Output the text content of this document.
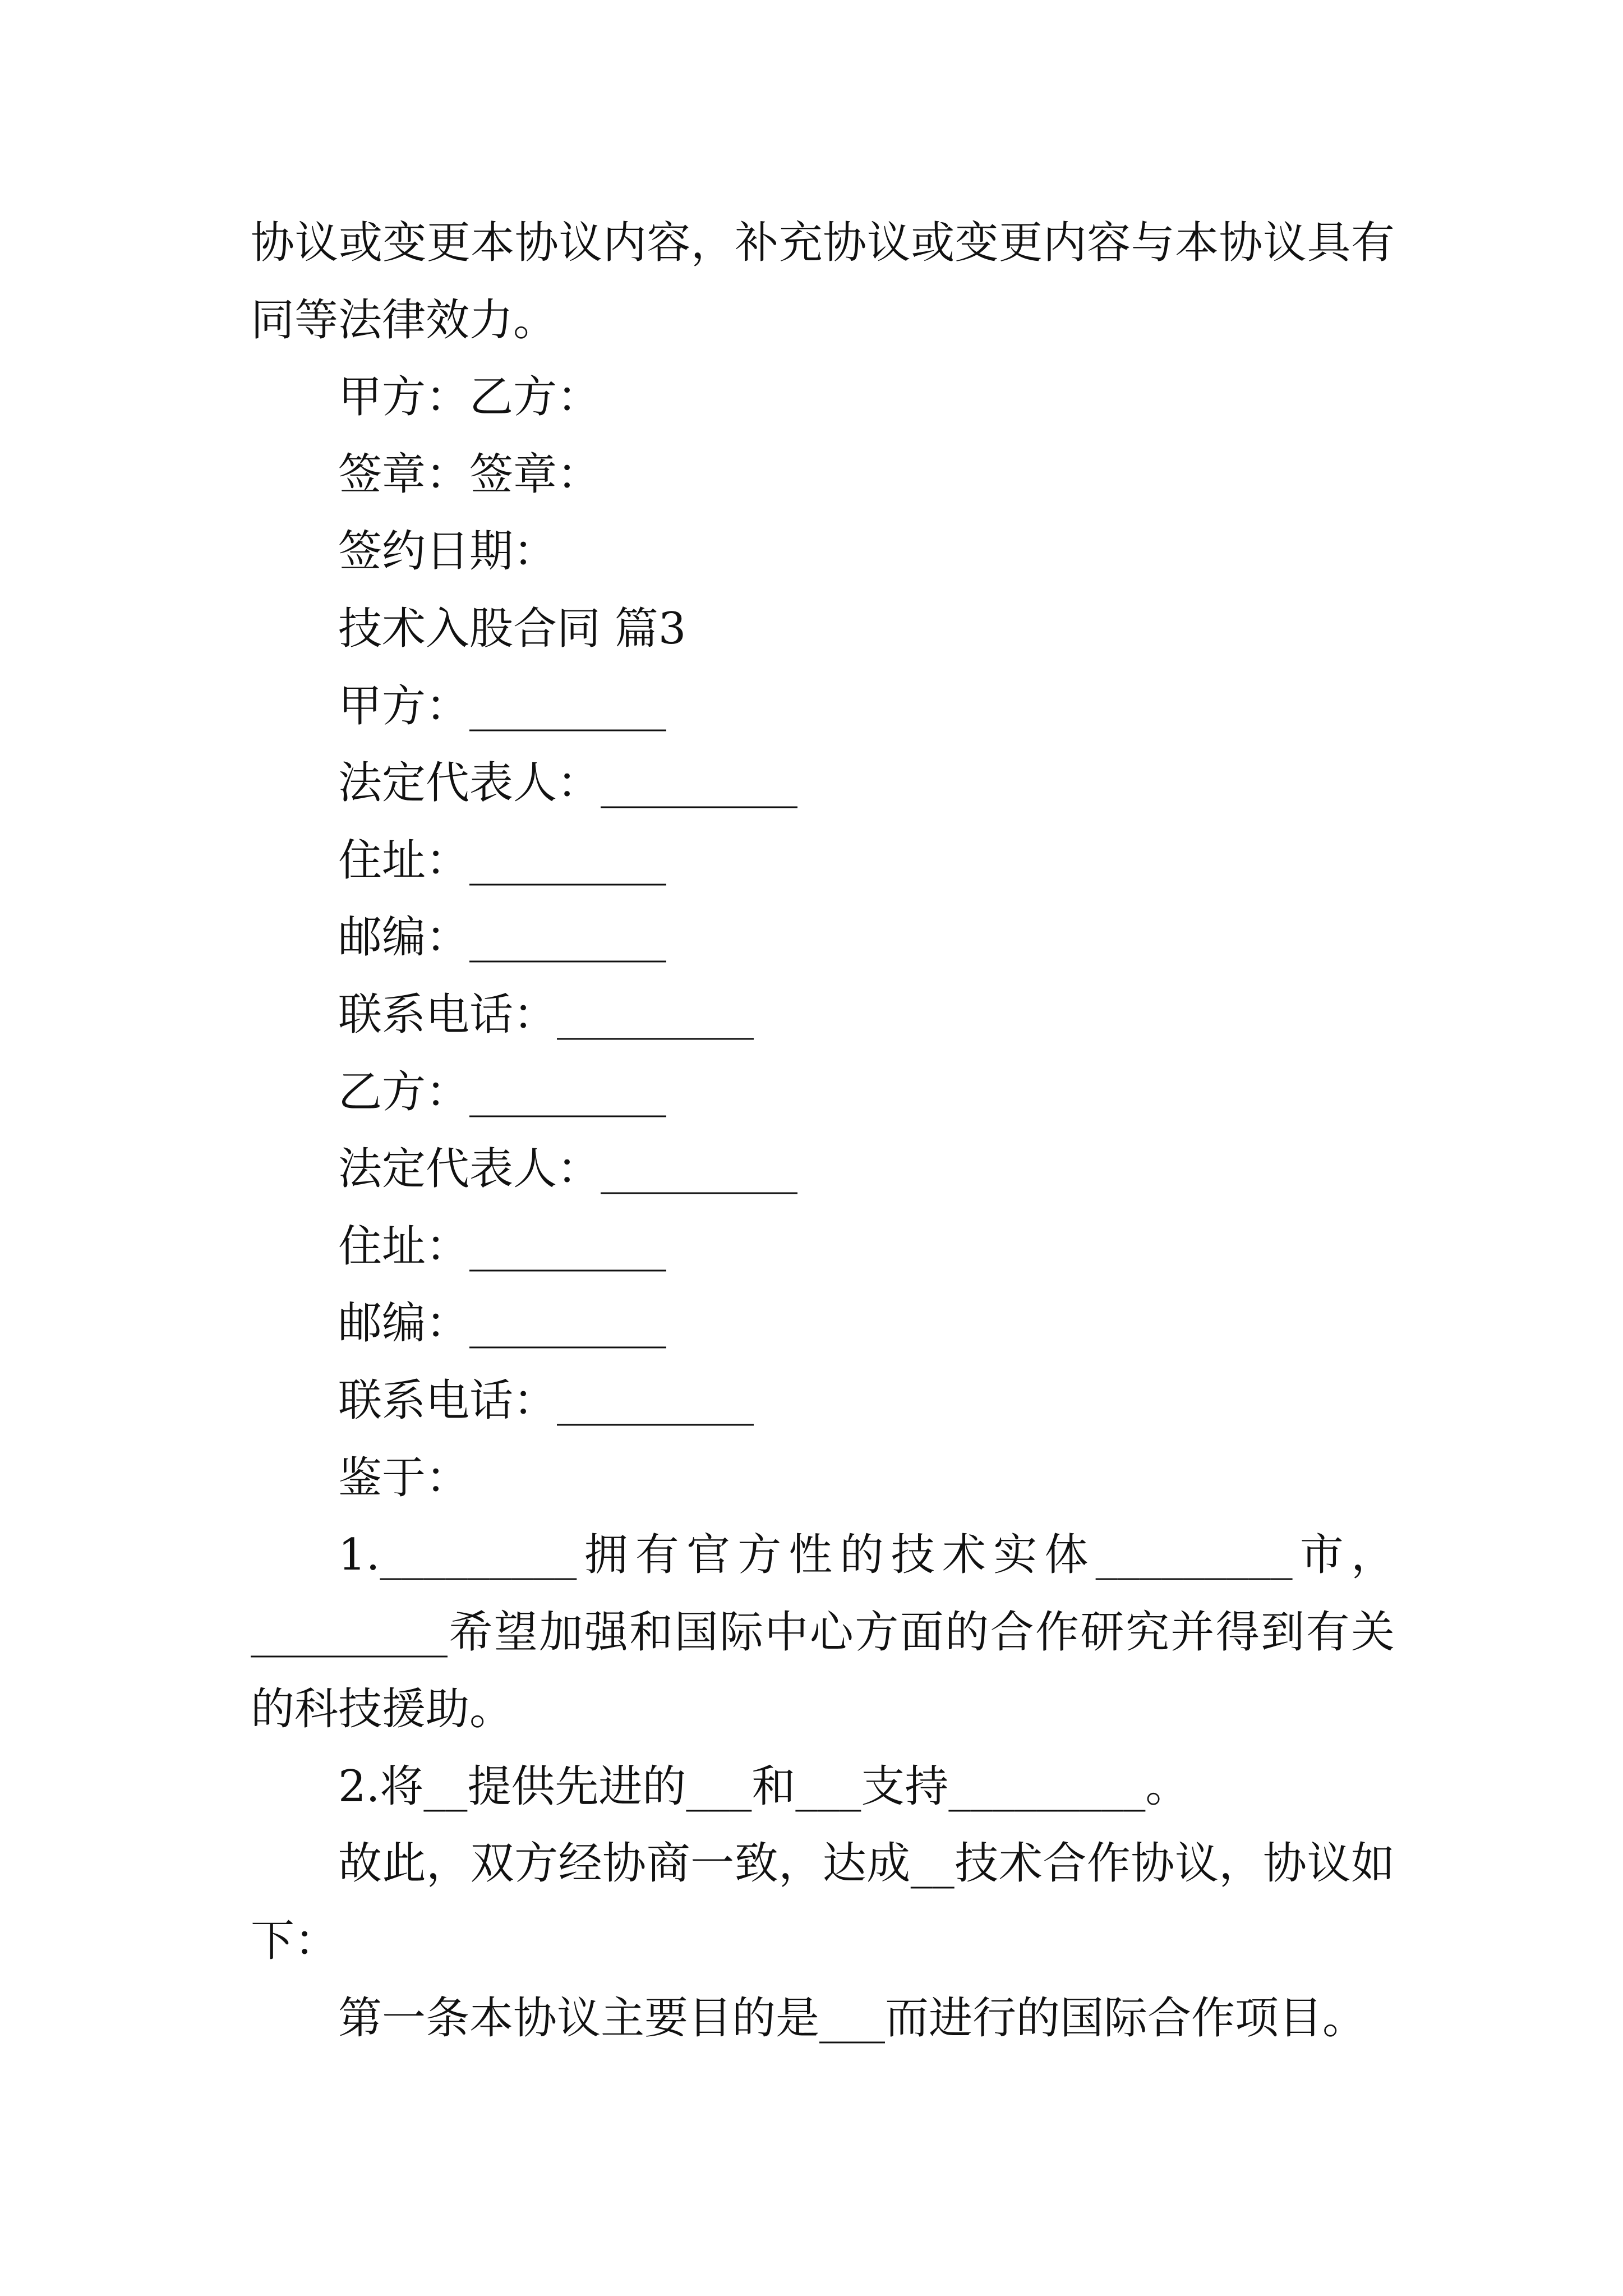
协议或变更本协议内容，补充协议或变更内容与本协议具有
同等法律效力。
甲方：乙方：
签章：签章：
签约日期：
技术入股合同 篇3
甲方：_________
法定代表人：_________
住址：_________
邮编：_________
联系电话：_________
乙方：_________
法定代表人：_________
住址：_________
邮编：_________
联系电话：_________
鉴于：
1._________拥有官方性的技术实体_________市，
_________希望加强和国际中心方面的合作研究并得到有关
的科技援助。
2.将__提供先进的___和___支持_________。
故此，双方经协商一致，达成__技术合作协议，协议如
下：
第一条本协议主要目的是___而进行的国际合作项目。
